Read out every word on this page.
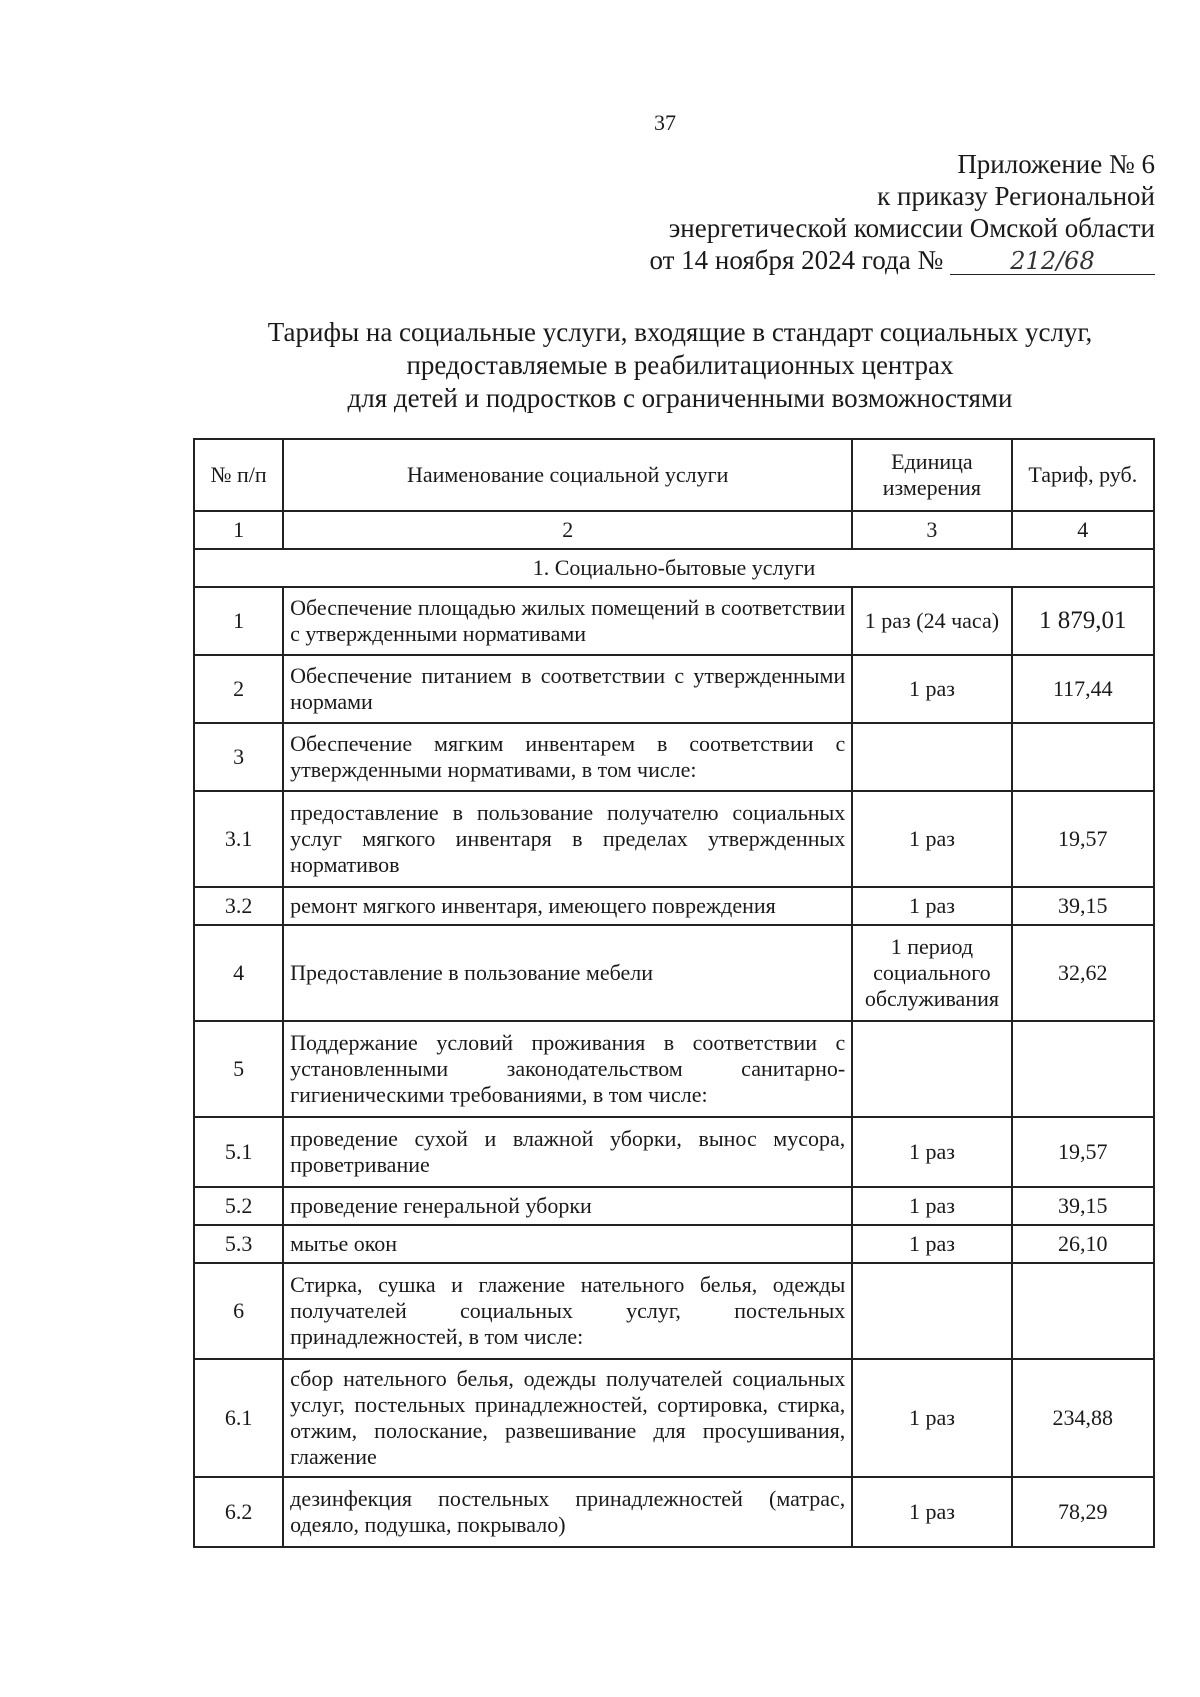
37
Приложение № 6
к приказу Региональной
энергетической комиссии Омской области
от 14 ноября 2024 года №	212/68
Тарифы на социальные услуги, входящие в стандарт социальных услуг,
предоставляемые в реабилитационных центрах
для детей и подростков с ограниченными возможностями
№ п/п	Наименование социальной услуги	Единица измерения	Тариф, руб.
1	2	3	4
1. Социально-бытовые услуги			
1	Обеспечение площадью жилых помещений в соответствии с утвержденными нормативами	1 раз (24 часа)	1 879,01
2	Обеспечение питанием в соответствии с утвержденными нормами	1 раз	117,44
3	Обеспечение мягким инвентарем в соответствии с утвержденными нормативами, в том числе:		
3.1	предоставление в пользование получателю социальных услуг мягкого инвентаря в пределах утвержденных нормативов	1 раз	19,57
3.2	ремонт мягкого инвентаря, имеющего повреждения	1 раз	39,15
4	Предоставление в пользование мебели	1 период социального обслуживания	32,62
5	Поддержание условий проживания в соответствии с установленными законодательством санитарно-гигиеническими требованиями, в том числе:		
5.1	проведение сухой и влажной уборки, вынос мусора, проветривание	1 раз	19,57
5.2	проведение генеральной уборки	1 раз	39,15
5.3	мытье окон	1 раз	26,10
6	Стирка, сушка и глажение нательного белья, одежды получателей социальных услуг, постельных принадлежностей, в том числе:		
6.1	сбор нательного белья, одежды получателей социальных услуг, постельных принадлежностей, сортировка, стирка, отжим, полоскание, развешивание для просушивания, глажение	1 раз	234,88
6.2	дезинфекция постельных принадлежностей (матрас, одеяло, подушка, покрывало)	1 раз	78,29
